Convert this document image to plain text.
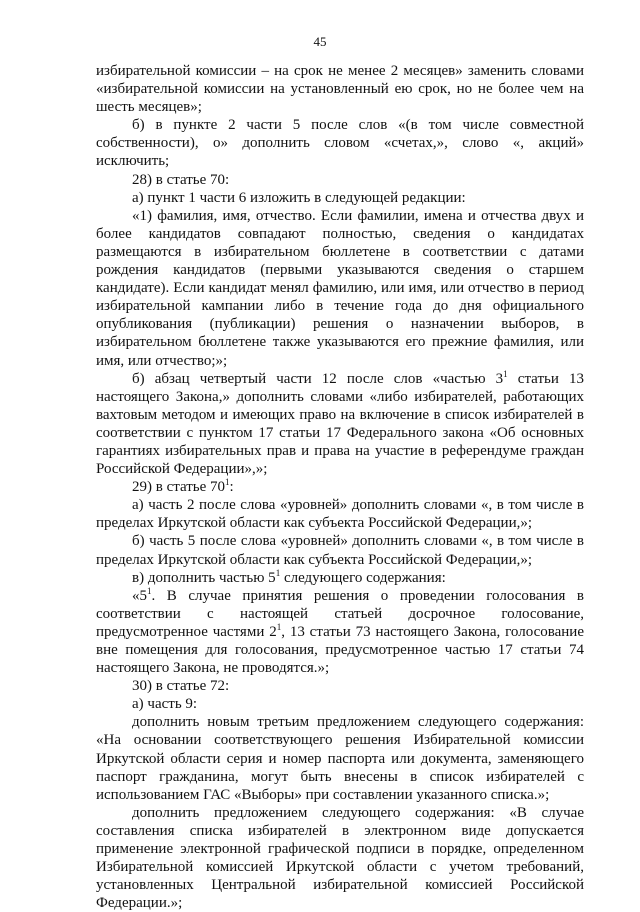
45

избирательной комиссии – на срок не менее 2 месяцев» заменить словами «избирательной комиссии на установленный ею срок, но не более чем на шесть месяцев»;

б) в пункте 2 части 5 после слов «(в том числе совместной собственности), о» дополнить словом «счетах,», слово «, акций» исключить;

28) в статье 70:

а) пункт 1 части 6 изложить в следующей редакции:

«1) фамилия, имя, отчество. Если фамилии, имена и отчества двух и более кандидатов совпадают полностью, сведения о кандидатах размещаются в избирательном бюллетене в соответствии с датами рождения кандидатов (первыми указываются сведения о старшем кандидате). Если кандидат менял фамилию, или имя, или отчество в период избирательной кампании либо в течение года до дня официального опубликования (публикации) решения о назначении выборов, в избирательном бюллетене также указываются его прежние фамилия, или имя, или отчество;»;

б) абзац четвертый части 12 после слов «частью $3^1$ статьи 13 настоящего Закона,» дополнить словами «либо избирателей, работающих вахтовым методом и имеющих право на включение в список избирателей в соответствии с пунктом 17 статьи 17 Федерального закона «Об основных гарантиях избирательных прав и права на участие в референдуме граждан Российской Федерации»,»;

29) в статье $70^1$:

а) часть 2 после слова «уровней» дополнить словами «, в том числе в пределах Иркутской области как субъекта Российской Федерации,»;

б) часть 5 после слова «уровней» дополнить словами «, в том числе в пределах Иркутской области как субъекта Российской Федерации,»;

в) дополнить частью $5^1$ следующего содержания:

«$5^1$. В случае принятия решения о проведении голосования в соответствии с настоящей статьей досрочное голосование, предусмотренное частями $2^1$, 13 статьи 73 настоящего Закона, голосование вне помещения для голосования, предусмотренное частью 17 статьи 74 настоящего Закона, не проводятся.»;

30) в статье 72:

а) часть 9:

дополнить новым третьим предложением следующего содержания: «На основании соответствующего решения Избирательной комиссии Иркутской области серия и номер паспорта или документа, заменяющего паспорт гражданина, могут быть внесены в список избирателей с использованием ГАС «Выборы» при составлении указанного списка.»;

дополнить предложением следующего содержания: «В случае составления списка избирателей в электронном виде допускается применение электронной графической подписи в порядке, определенном Избирательной комиссией Иркутской области с учетом требований, установленных Центральной избирательной комиссией Российской Федерации.»;
